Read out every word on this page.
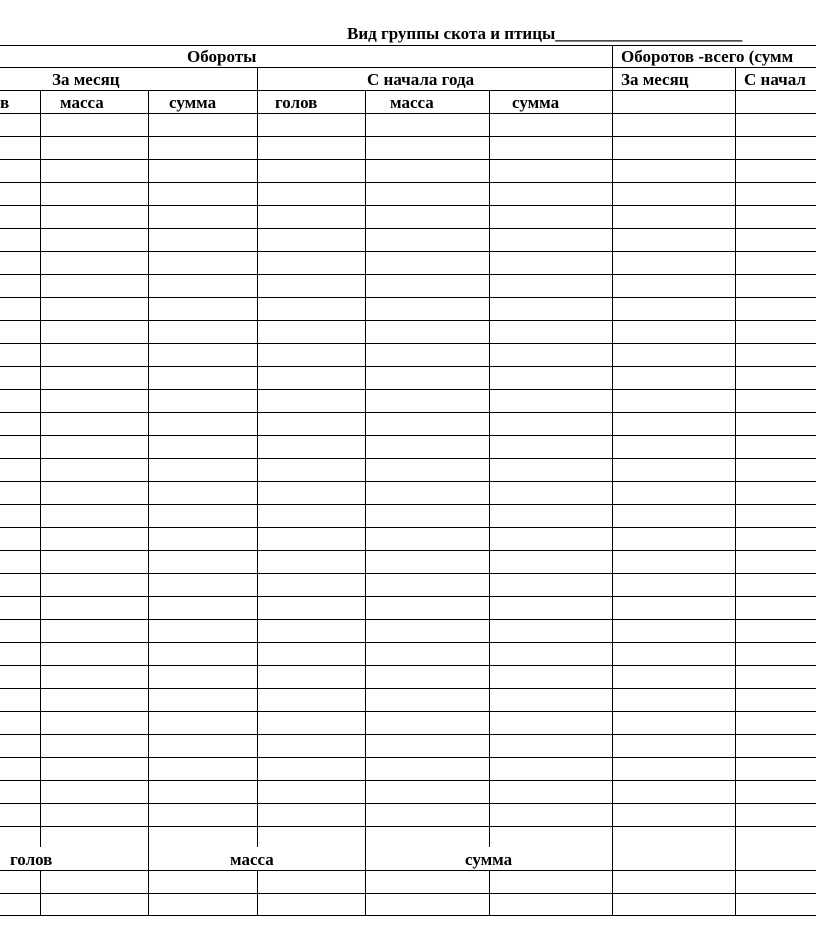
Вид группы скота и птицы______________________
Обороты	Оборотов -всего (сумм
За месяц	С начала года	За месяц	С начал
в	масса	сумма	голов	масса	сумма
голов	масса	сумма
